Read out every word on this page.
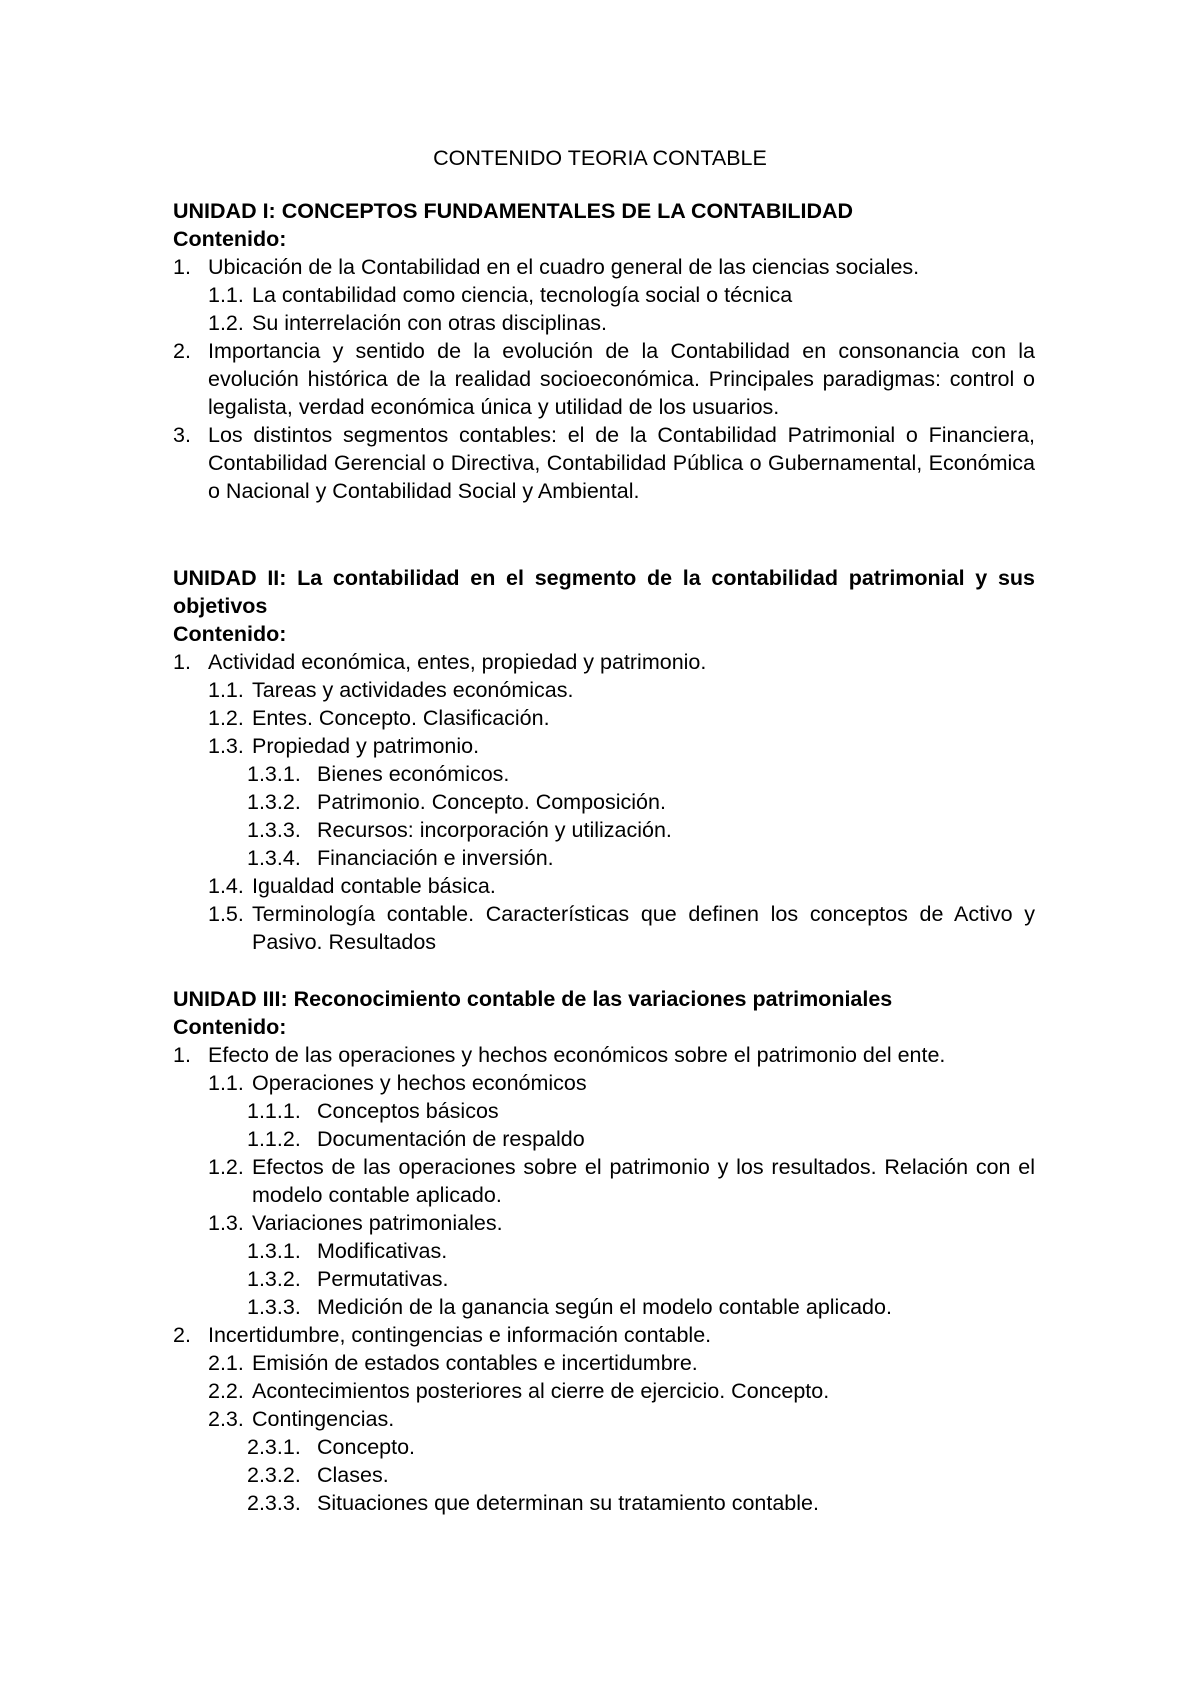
CONTENIDO TEORIA CONTABLE
UNIDAD I: CONCEPTOS FUNDAMENTALES DE LA CONTABILIDAD
Contenido:
1. Ubicación de la Contabilidad en el cuadro general de las ciencias sociales.
1.1. La contabilidad como ciencia, tecnología social o técnica
1.2. Su interrelación con otras disciplinas.
2. Importancia y sentido de la evolución de la Contabilidad en consonancia con la evolución histórica de la realidad socioeconómica. Principales paradigmas: control o legalista, verdad económica única y utilidad de los usuarios.
3. Los distintos segmentos contables: el de la Contabilidad Patrimonial o Financiera, Contabilidad Gerencial o Directiva, Contabilidad Pública o Gubernamental, Económica o Nacional y Contabilidad Social y Ambiental.
UNIDAD II: La contabilidad en el segmento de la contabilidad patrimonial y sus objetivos
Contenido:
1. Actividad económica, entes, propiedad y patrimonio.
1.1. Tareas y actividades económicas.
1.2. Entes. Concepto. Clasificación.
1.3. Propiedad y patrimonio.
1.3.1. Bienes económicos.
1.3.2. Patrimonio. Concepto. Composición.
1.3.3. Recursos: incorporación y utilización.
1.3.4. Financiación e inversión.
1.4. Igualdad contable básica.
1.5. Terminología contable. Características que definen los conceptos de Activo y Pasivo. Resultados
UNIDAD III: Reconocimiento contable de las variaciones patrimoniales
Contenido:
1. Efecto de las operaciones y hechos económicos sobre el patrimonio del ente.
1.1. Operaciones y hechos económicos
1.1.1. Conceptos básicos
1.1.2. Documentación de respaldo
1.2. Efectos de las operaciones sobre el patrimonio y los resultados. Relación con el modelo contable aplicado.
1.3. Variaciones patrimoniales.
1.3.1. Modificativas.
1.3.2. Permutativas.
1.3.3. Medición de la ganancia según el modelo contable aplicado.
2. Incertidumbre, contingencias e información contable.
2.1. Emisión de estados contables e incertidumbre.
2.2. Acontecimientos posteriores al cierre de ejercicio. Concepto.
2.3. Contingencias.
2.3.1. Concepto.
2.3.2. Clases.
2.3.3. Situaciones que determinan su tratamiento contable.
